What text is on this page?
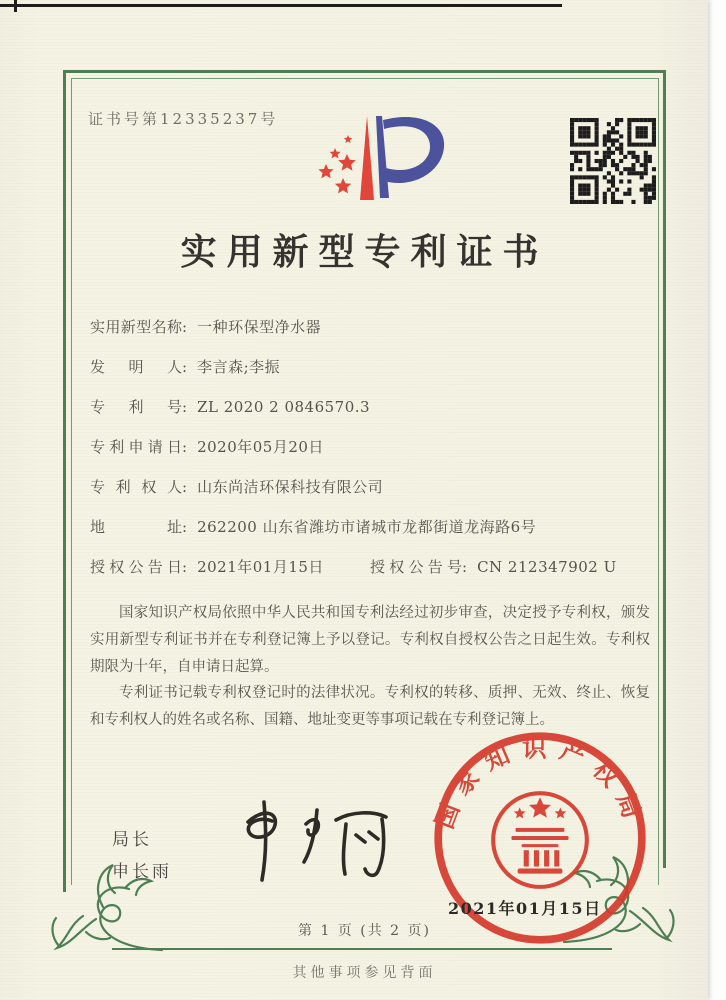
证书号第12335237号
实用新型专利证书
实用新型名称: 一种环保型净水器
发明人: 李言森;李振
专利号: ZL 2020 2 0846570.3
专利申请日: 2020年05月20日
专利权人: 山东尚洁环保科技有限公司
地址: 262200 山东省潍坊市诸城市龙都街道龙海路6号
授权公告日: 2021年01月15日	授权公告号: CN 212347902 U

国家知识产权局依照中华人民共和国专利法经过初步审查，决定授予专利权，颁发实用新型专利证书并在专利登记簿上予以登记。专利权自授权公告之日起生效。专利权期限为十年，自申请日起算。

专利证书记载专利权登记时的法律状况。专利权的转移、质押、无效、终止、恢复和专利权人的姓名或名称、国籍、地址变更等事项记载在专利登记簿上。

局长
申长雨
国家知识产权局
2021年01月15日
第 1 页 (共 2 页)
其他事项参见背面
